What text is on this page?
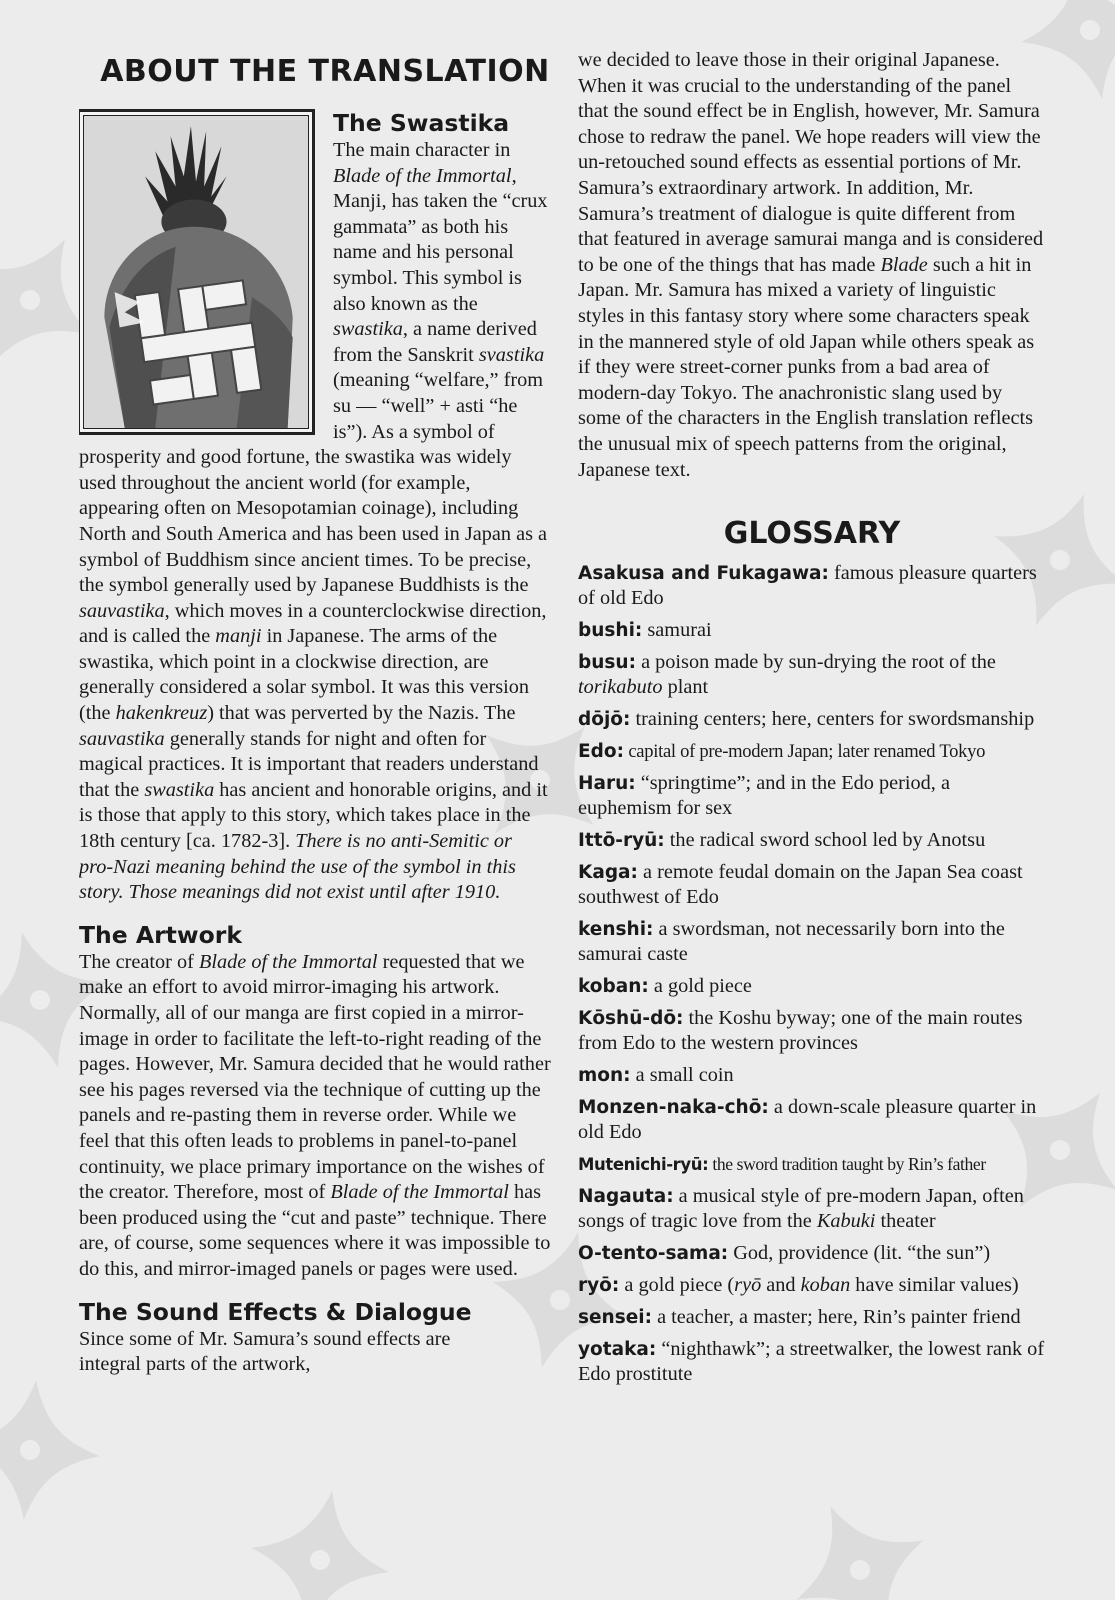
ABOUT THE TRANSLATION
The Swastika

The main character in Blade of the Immortal, Manji, has taken the “crux gammata” as both his name and his personal symbol. This symbol is also known as the swastika, a name derived from the Sanskrit svastika (meaning “welfare,” from su — “well” + asti “he is”). As a symbol of prosperity and good fortune, the swastika was widely used throughout the ancient world (for example, appearing often on Mesopotamian coinage), including North and South America and has been used in Japan as a symbol of Buddhism since ancient times. To be precise, the symbol generally used by Japanese Buddhists is the sauvastika, which moves in a counterclockwise direction, and is called the manji in Japanese. The arms of the swastika, which point in a clockwise direction, are generally considered a solar symbol. It was this version (the hakenkreuz) that was perverted by the Nazis. The sauvastika generally stands for night and often for magical practices. It is important that readers understand that the swastika has ancient and honorable origins, and it is those that apply to this story, which takes place in the 18th century [ca. 1782-3]. There is no anti-Semitic or pro-Nazi meaning behind the use of the symbol in this story. Those meanings did not exist until after 1910.

The Artwork

The creator of Blade of the Immortal requested that we make an effort to avoid mirror-imaging his artwork. Normally, all of our manga are first copied in a mirror-image in order to facilitate the left-to-right reading of the pages. However, Mr. Samura decided that he would rather see his pages reversed via the technique of cutting up the panels and re-pasting them in reverse order. While we feel that this often leads to problems in panel-to-panel continuity, we place primary importance on the wishes of the creator. Therefore, most of Blade of the Immortal has been produced using the “cut and paste” technique. There are, of course, some sequences where it was impossible to do this, and mirror-imaged panels or pages were used.

The Sound Effects & Dialogue

Since some of Mr. Samura’s sound effects are integral parts of the artwork,

we decided to leave those in their original Japanese. When it was crucial to the understanding of the panel that the sound effect be in English, however, Mr. Samura chose to redraw the panel. We hope readers will view the un-retouched sound effects as essential portions of Mr. Samura’s extraordinary artwork. In addition, Mr. Samura’s treatment of dialogue is quite different from that featured in average samurai manga and is considered to be one of the things that has made Blade such a hit in Japan. Mr. Samura has mixed a variety of linguistic styles in this fantasy story where some characters speak in the mannered style of old Japan while others speak as if they were street-corner punks from a bad area of modern-day Tokyo. The anachronistic slang used by some of the characters in the English translation reflects the unusual mix of speech patterns from the original, Japanese text.

GLOSSARY

Asakusa and Fukagawa: famous pleasure quarters of old Edo

bushi: samurai

busu: a poison made by sun-drying the root of the torikabuto plant

dōjō: training centers; here, centers for swordsmanship

Edo: capital of pre-modern Japan; later renamed Tokyo

Haru: “springtime”; and in the Edo period, a euphemism for sex

Ittō-ryū: the radical sword school led by Anotsu

Kaga: a remote feudal domain on the Japan Sea coast southwest of Edo

kenshi: a swordsman, not necessarily born into the samurai caste

koban: a gold piece

Kōshū-dō: the Koshu byway; one of the main routes from Edo to the western provinces

mon: a small coin

Monzen-naka-chō: a down-scale pleasure quarter in old Edo

Mutenichi-ryū: the sword tradition taught by Rin’s father

Nagauta: a musical style of pre-modern Japan, often songs of tragic love from the Kabuki theater

O-tento-sama: God, providence (lit. “the sun”)

ryō: a gold piece (ryō and koban have similar values)

sensei: a teacher, a master; here, Rin’s painter friend

yotaka: “nighthawk”; a streetwalker, the lowest rank of Edo prostitute
